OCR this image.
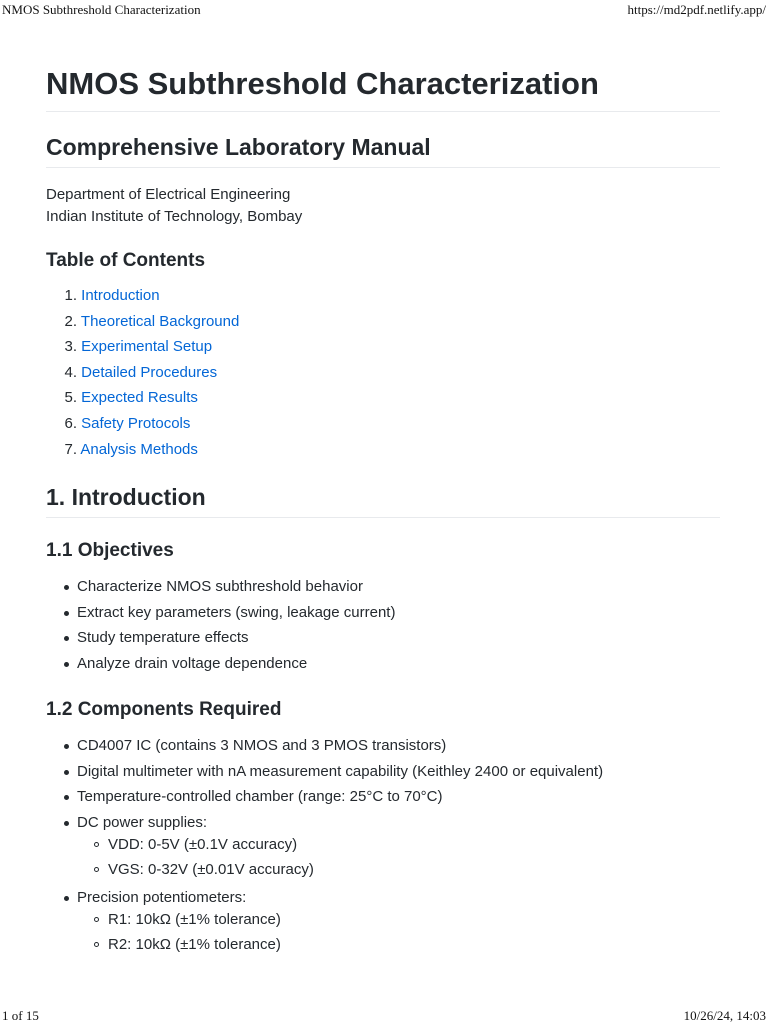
NMOS Subthreshold Characterization	https://md2pdf.netlify.app/
NMOS Subthreshold Characterization
Comprehensive Laboratory Manual
Department of Electrical Engineering
Indian Institute of Technology, Bombay
Table of Contents
1. Introduction
2. Theoretical Background
3. Experimental Setup
4. Detailed Procedures
5. Expected Results
6. Safety Protocols
7. Analysis Methods
1. Introduction
1.1 Objectives
Characterize NMOS subthreshold behavior
Extract key parameters (swing, leakage current)
Study temperature effects
Analyze drain voltage dependence
1.2 Components Required
CD4007 IC (contains 3 NMOS and 3 PMOS transistors)
Digital multimeter with nA measurement capability (Keithley 2400 or equivalent)
Temperature-controlled chamber (range: 25°C to 70°C)
DC power supplies:
VDD: 0-5V (±0.1V accuracy)
VGS: 0-32V (±0.01V accuracy)
Precision potentiometers:
R1: 10kΩ (±1% tolerance)
R2: 10kΩ (±1% tolerance)
1 of 15	10/26/24, 14:03
